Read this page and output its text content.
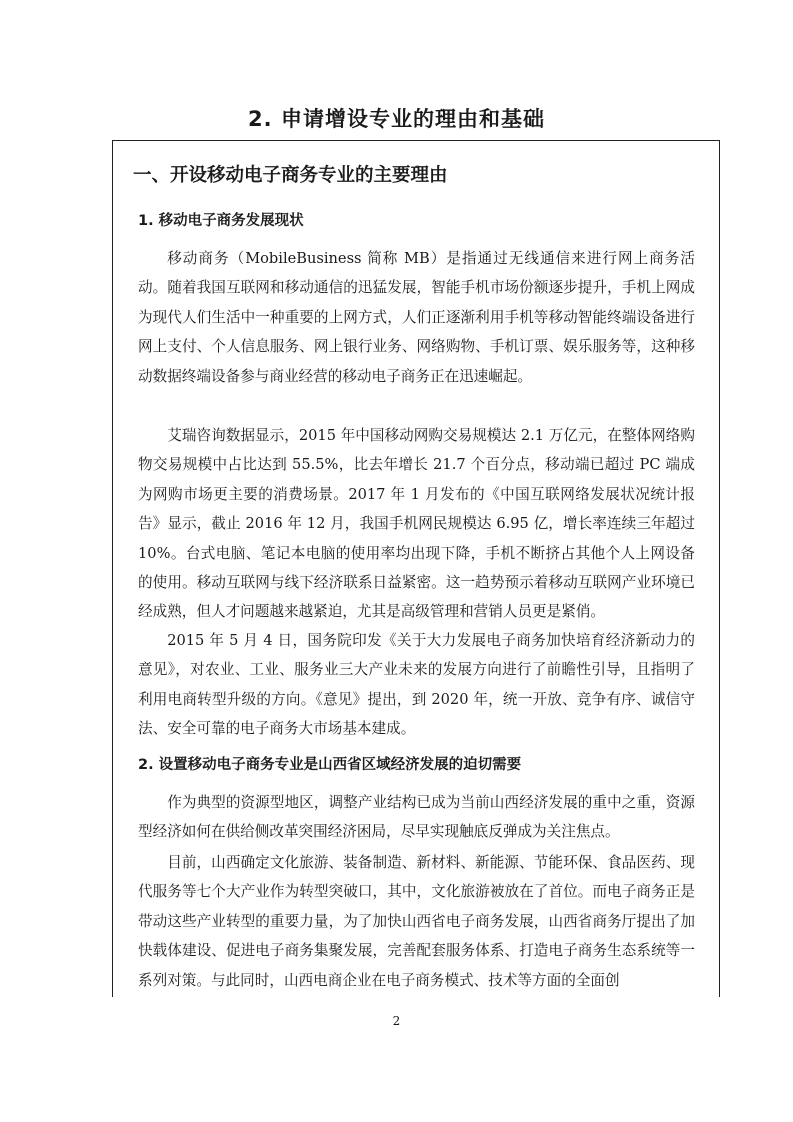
2. 申请增设专业的理由和基础
一、开设移动电子商务专业的主要理由
1. 移动电子商务发展现状

移动商务（MobileBusiness 简称 MB）是指通过无线通信来进行网上商务活动。随着我国互联网和移动通信的迅猛发展，智能手机市场份额逐步提升，手机上网成为现代人们生活中一种重要的上网方式，人们正逐渐利用手机等移动智能终端设备进行网上支付、个人信息服务、网上银行业务、网络购物、手机订票、娱乐服务等，这种移动数据终端设备参与商业经营的移动电子商务正在迅速崛起。

艾瑞咨询数据显示，2015 年中国移动网购交易规模达 2.1 万亿元，在整体网络购物交易规模中占比达到 55.5%，比去年增长 21.7 个百分点，移动端已超过 PC 端成为网购市场更主要的消费场景。2017 年 1 月发布的《中国互联网络发展状况统计报告》显示，截止 2016 年 12 月，我国手机网民规模达 6.95 亿，增长率连续三年超过 10%。台式电脑、笔记本电脑的使用率均出现下降，手机不断挤占其他个人上网设备的使用。移动互联网与线下经济联系日益紧密。这一趋势预示着移动互联网产业环境已经成熟，但人才问题越来越紧迫，尤其是高级管理和营销人员更是紧俏。

2015 年 5 月 4 日，国务院印发《关于大力发展电子商务加快培育经济新动力的意见》，对农业、工业、服务业三大产业未来的发展方向进行了前瞻性引导，且指明了利用电商转型升级的方向。《意见》提出，到 2020 年，统一开放、竞争有序、诚信守法、安全可靠的电子商务大市场基本建成。

2. 设置移动电子商务专业是山西省区域经济发展的迫切需要

作为典型的资源型地区，调整产业结构已成为当前山西经济发展的重中之重，资源型经济如何在供给侧改革突围经济困局，尽早实现触底反弹成为关注焦点。

目前，山西确定文化旅游、装备制造、新材料、新能源、节能环保、食品医药、现代服务等七个大产业作为转型突破口，其中，文化旅游被放在了首位。而电子商务正是带动这些产业转型的重要力量，为了加快山西省电子商务发展，山西省商务厅提出了加快载体建设、促进电子商务集聚发展，完善配套服务体系、打造电子商务生态系统等一系列对策。与此同时，山西电商企业在电子商务模式、技术等方面的全面创

2
